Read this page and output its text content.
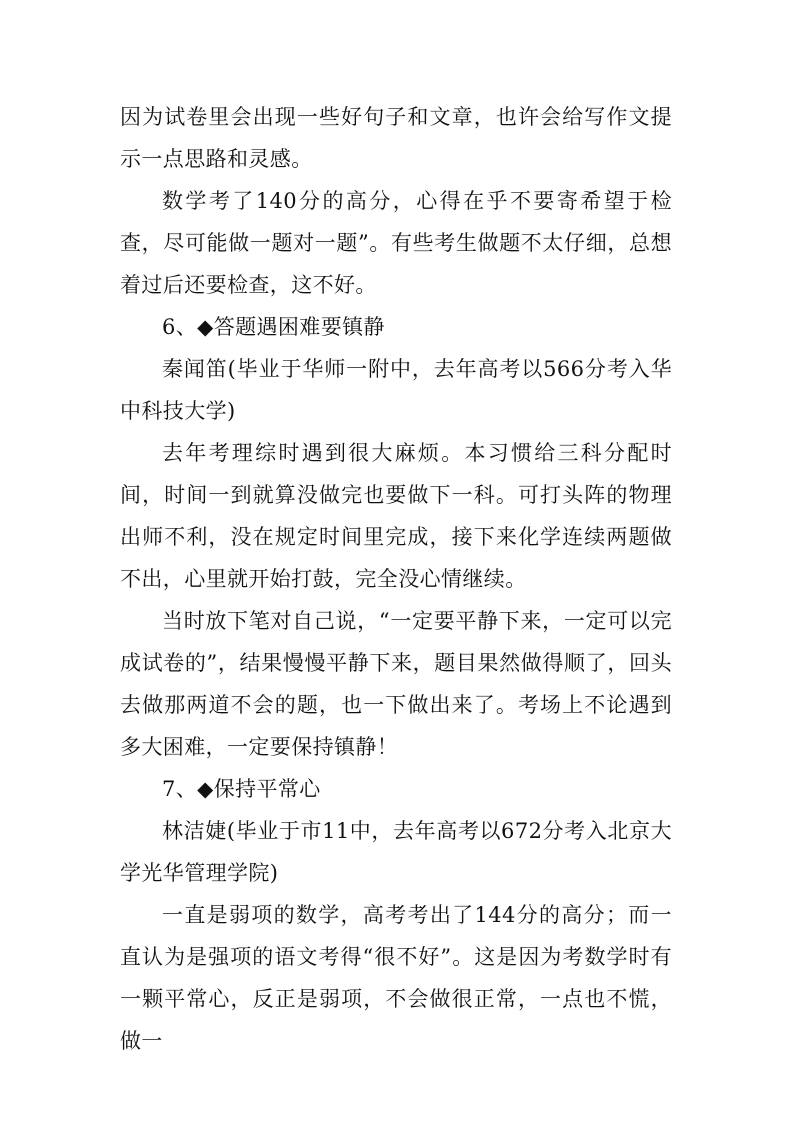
因为试卷里会出现一些好句子和文章，也许会给写作文提示一点思路和灵感。

数学考了140分的高分，心得在乎不要寄希望于检查，尽可能做一题对一题”。有些考生做题不太仔细，总想着过后还要检查，这不好。

6、◆答题遇困难要镇静

秦闻笛(毕业于华师一附中，去年高考以566分考入华中科技大学)

去年考理综时遇到很大麻烦。本习惯给三科分配时间，时间一到就算没做完也要做下一科。可打头阵的物理出师不利，没在规定时间里完成，接下来化学连续两题做不出，心里就开始打鼓，完全没心情继续。

当时放下笔对自己说，“一定要平静下来，一定可以完成试卷的”，结果慢慢平静下来，题目果然做得顺了，回头去做那两道不会的题，也一下做出来了。考场上不论遇到多大困难，一定要保持镇静！

7、◆保持平常心

林洁婕(毕业于市11中，去年高考以672分考入北京大学光华管理学院)

一直是弱项的数学，高考考出了144分的高分；而一直认为是强项的语文考得“很不好”。这是因为考数学时有一颗平常心，反正是弱项，不会做很正常，一点也不慌，做一
